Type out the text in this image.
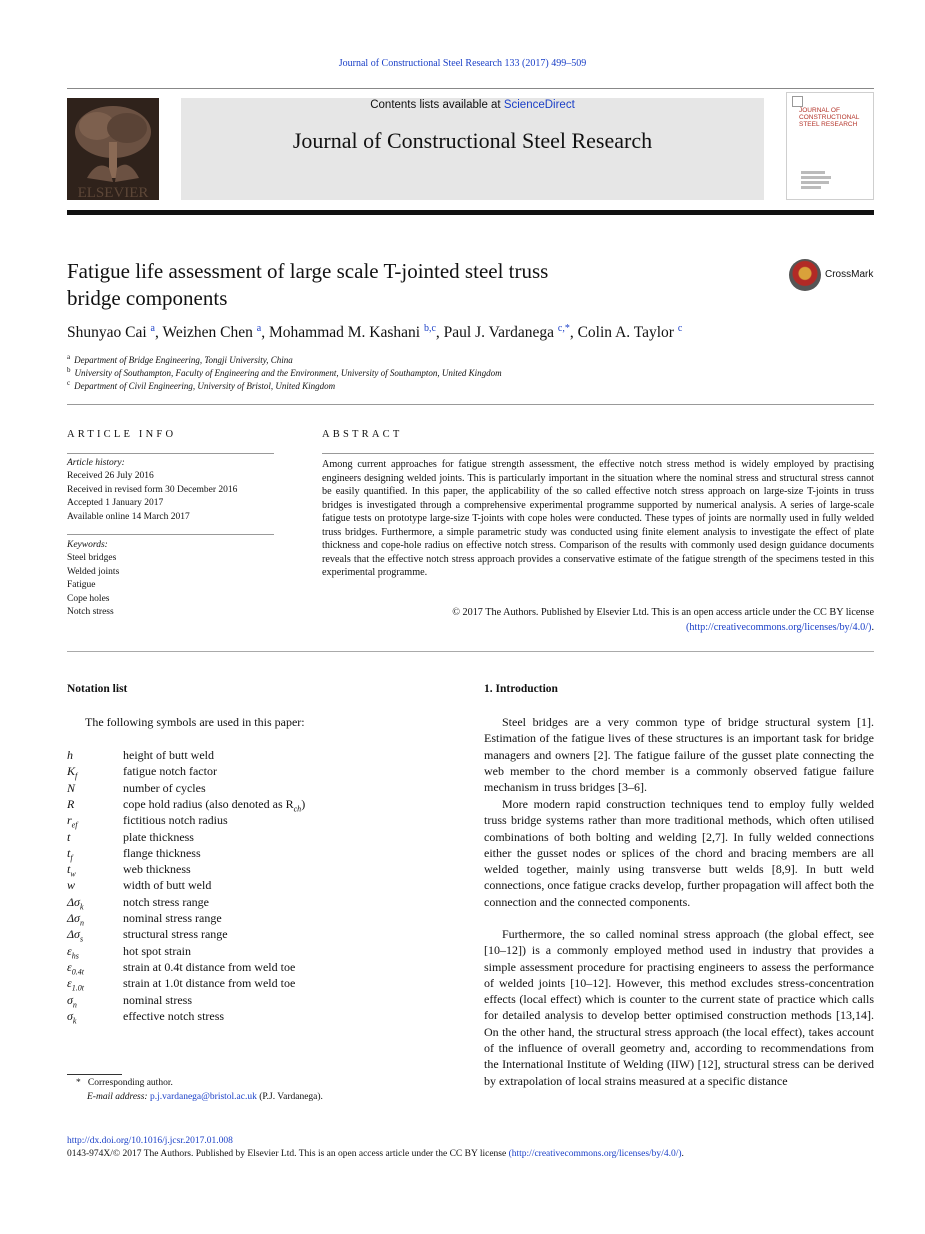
Journal of Constructional Steel Research 133 (2017) 499–509
ELSEVIER
Contents lists available at ScienceDirect
Journal of Constructional Steel Research
JOURNAL OF CONSTRUCTIONAL STEEL RESEARCH
Fatigue life assessment of large scale T-jointed steel truss
bridge components
CrossMark
Shunyao Cai $^a$, Weizhen Chen $^a$, Mohammad M. Kashani $^{b,c}$, Paul J. Vardanega $^{c,*}$, Colin A. Taylor $^c$
$^a$ Department of Bridge Engineering, Tongji University, China
$^b$ University of Southampton, Faculty of Engineering and the Environment, University of Southampton, United Kingdom
$^c$ Department of Civil Engineering, University of Bristol, United Kingdom
ARTICLE INFO
Article history:
Received 26 July 2016
Received in revised form 30 December 2016
Accepted 1 January 2017
Available online 14 March 2017
Keywords:
Steel bridges
Welded joints
Fatigue
Cope holes
Notch stress
ABSTRACT
Among current approaches for fatigue strength assessment, the effective notch stress method is widely employed by practising engineers designing welded joints. This is particularly important in the situation where the nominal stress and structural stress cannot be easily quantified. In this paper, the applicability of the so called effective notch stress approach on large-size T-joints in truss bridges is investigated through a comprehensive experimental programme supported by numerical analysis. A series of large-scale fatigue tests on prototype large-size T-joints with cope holes were conducted. These types of joints are normally used in fully welded truss bridges. Furthermore, a simple parametric study was conducted using finite element analysis to investigate the effect of plate thickness and cope-hole radius on effective notch stress. Comparison of the results with commonly used design guidance documents reveals that the effective notch stress approach provides a conservative estimate of the fatigue strength of the specimens tested in this experimental programme.
© 2017 The Authors. Published by Elsevier Ltd. This is an open access article under the CC BY license
(http://creativecommons.org/licenses/by/4.0/).
Notation list
The following symbols are used in this paper:
h	height of butt weld
$K_f$	fatigue notch factor
N	number of cycles
R	cope hold radius (also denoted as $R_{ch}$)
$r_{ef}$	fictitious notch radius
t	plate thickness
$t_f$	flange thickness
$t_w$	web thickness
w	width of butt weld
$\Delta\sigma_k$	notch stress range
$\Delta\sigma_n$	nominal stress range
$\Delta\sigma_s$	structural stress range
$\varepsilon_{hs}$	hot spot strain
$\varepsilon_{0.4t}$	strain at 0.4t distance from weld toe
$\varepsilon_{1.0t}$	strain at 1.0t distance from weld toe
$\sigma_n$	nominal stress
$\sigma_k$	effective notch stress
* Corresponding author.
E-mail address: p.j.vardanega@bristol.ac.uk (P.J. Vardanega).
1. Introduction
Steel bridges are a very common type of bridge structural system [1]. Estimation of the fatigue lives of these structures is an important task for bridge managers and owners [2]. The fatigue failure of the gusset plate connecting the web member to the chord member is a commonly observed fatigue failure mechanism in truss bridges [3–6].
More modern rapid construction techniques tend to employ fully welded truss bridge systems rather than more traditional methods, which often utilised combinations of both bolting and welding [2,7]. In fully welded connections either the gusset nodes or splices of the chord and bracing members are all welded together, mainly using transverse butt welds [8,9]. In butt weld connections, once fatigue cracks develop, further propagation will affect both the connection and the connected components.
Furthermore, the so called nominal stress approach (the global effect, see [10–12]) is a commonly employed method used in industry that provides a simple assessment procedure for practising engineers to assess the performance of welded joints [10–12]. However, this method excludes stress-concentration effects (local effect) which is counter to the current state of practice which calls for detailed analysis to develop better optimised construction methods [13,14]. On the other hand, the structural stress approach (the local effect), takes account of the influence of overall geometry and, according to recommendations from the International Institute of Welding (IIW) [12], structural stress can be derived by extrapolation of local strains measured at a specific distance
http://dx.doi.org/10.1016/j.jcsr.2017.01.008
0143-974X/© 2017 The Authors. Published by Elsevier Ltd. This is an open access article under the CC BY license (http://creativecommons.org/licenses/by/4.0/).
